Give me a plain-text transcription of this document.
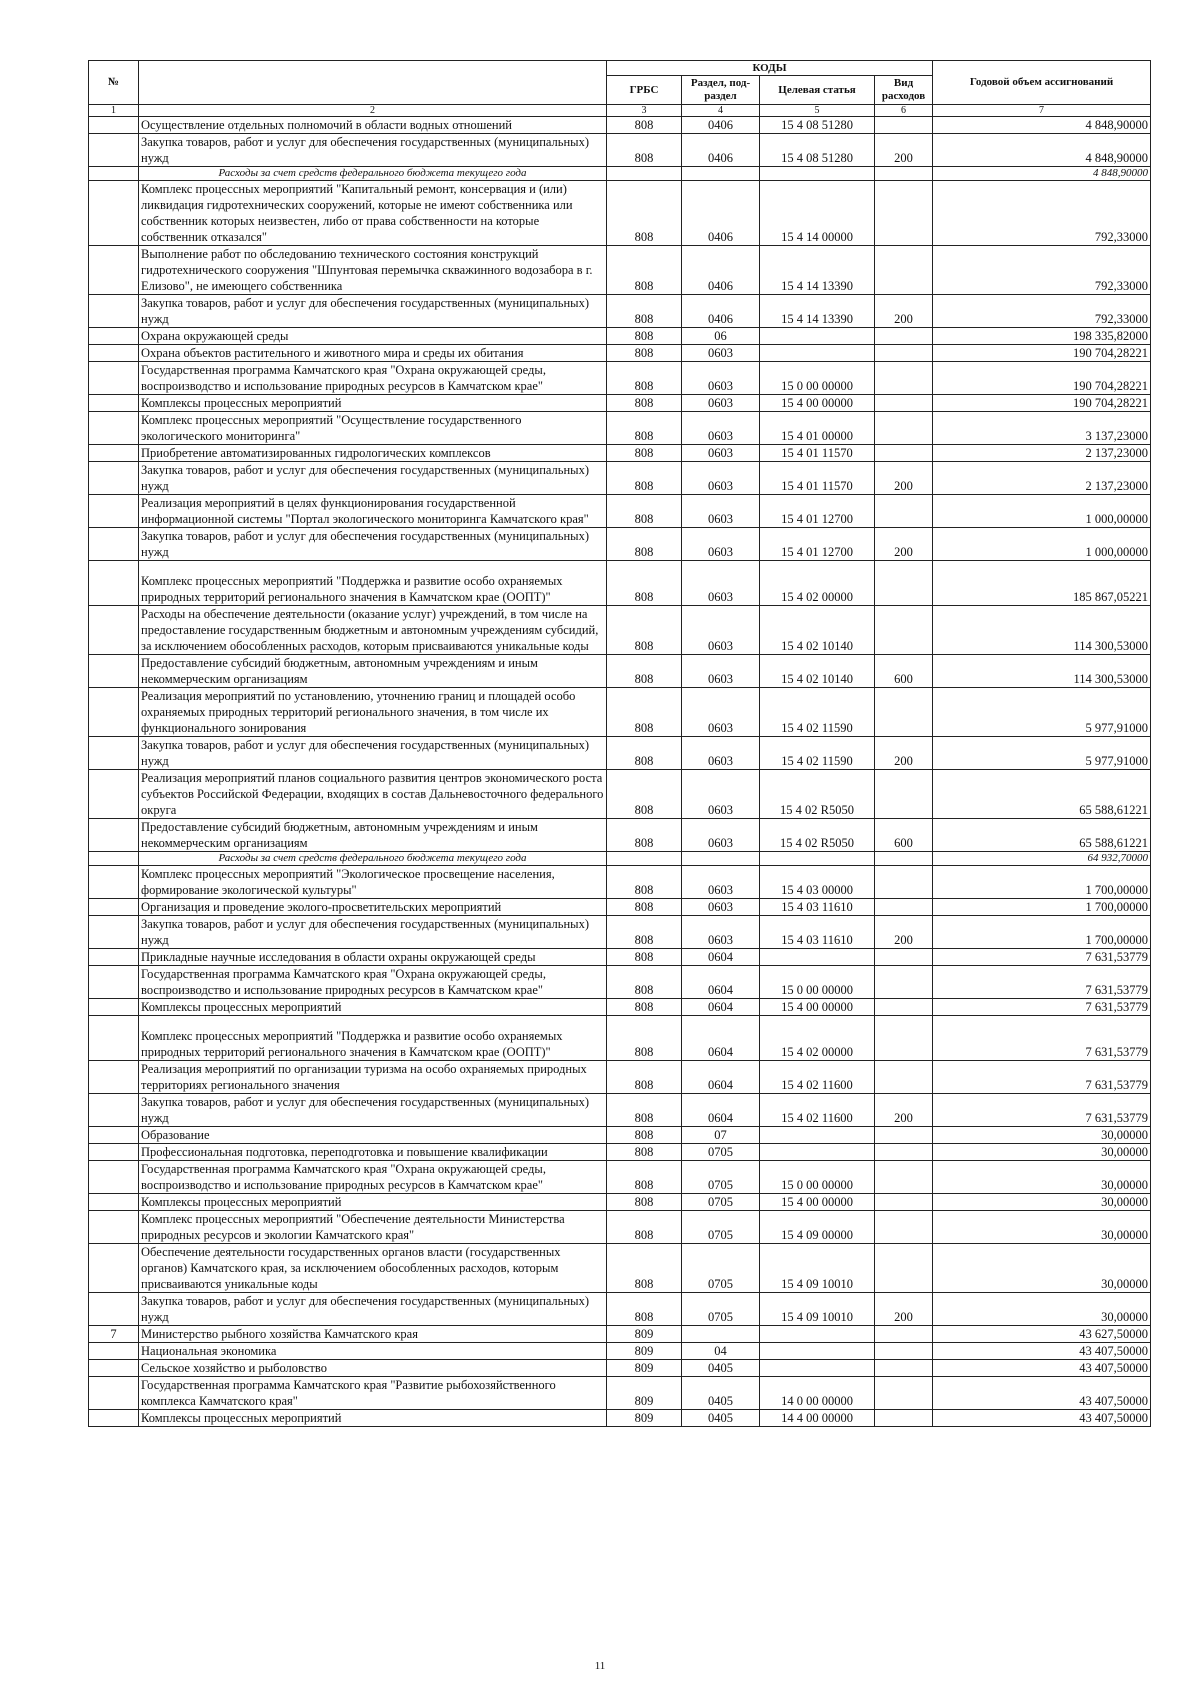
№		КОДЫ				Годовой объем ассигнований
		ГРБС	Раздел, под-раздел	Целевая статья	Вид расходов	
1	2	3	4	5	6	7
	Осуществление отдельных полномочий в области водных отношений	808	0406	15 4 08 51280		4 848,90000
	Закупка товаров, работ и услуг для обеспечения государственных (муниципальных) нужд	808	0406	15 4 08 51280	200	4 848,90000
	Расходы за счет средств федерального бюджета текущего года					4 848,90000
	Комплекс процессных мероприятий "Капитальный ремонт, консервация и (или) ликвидация гидротехнических сооружений, которые не имеют собственника или собственник которых неизвестен, либо от права собственности на которые собственник отказался"	808	0406	15 4 14 00000		792,33000
	Выполнение работ по обследованию технического состояния конструкций гидротехнического сооружения "Шпунтовая перемычка скважинного водозабора в г. Елизово", не имеющего собственника	808	0406	15 4 14 13390		792,33000
	Закупка товаров, работ и услуг для обеспечения государственных (муниципальных) нужд	808	0406	15 4 14 13390	200	792,33000
	Охрана окружающей среды	808	06			198 335,82000
	Охрана объектов растительного и животного мира и среды их обитания	808	0603			190 704,28221
	Государственная программа Камчатского края "Охрана окружающей среды, воспроизводство и использование природных ресурсов в Камчатском крае"	808	0603	15 0 00 00000		190 704,28221
	Комплексы процессных мероприятий	808	0603	15 4 00 00000		190 704,28221
	Комплекс процессных мероприятий "Осуществление государственного экологического мониторинга"	808	0603	15 4 01 00000		3 137,23000
	Приобретение автоматизированных гидрологических комплексов	808	0603	15 4 01 11570		2 137,23000
	Закупка товаров, работ и услуг для обеспечения государственных (муниципальных) нужд	808	0603	15 4 01 11570	200	2 137,23000
	Реализация мероприятий в целях функционирования государственной информационной системы "Портал экологического мониторинга Камчатского края"	808	0603	15 4 01 12700		1 000,00000
	Закупка товаров, работ и услуг для обеспечения государственных (муниципальных) нужд	808	0603	15 4 01 12700	200	1 000,00000
	Комплекс процессных мероприятий "Поддержка и развитие особо охраняемых природных территорий регионального значения в Камчатском крае (ООПТ)"	808	0603	15 4 02 00000		185 867,05221
	Расходы на обеспечение деятельности (оказание услуг) учреждений, в том числе на предоставление государственным бюджетным и автономным учреждениям субсидий, за исключением обособленных расходов, которым присваиваются уникальные коды	808	0603	15 4 02 10140		114 300,53000
	Предоставление субсидий бюджетным, автономным учреждениям и иным некоммерческим организациям	808	0603	15 4 02 10140	600	114 300,53000
	Реализация мероприятий по установлению, уточнению границ и площадей особо охраняемых природных территорий регионального значения, в том числе их функционального зонирования	808	0603	15 4 02 11590		5 977,91000
	Закупка товаров, работ и услуг для обеспечения государственных (муниципальных) нужд	808	0603	15 4 02 11590	200	5 977,91000
	Реализация мероприятий планов социального развития центров экономического роста субъектов Российской Федерации, входящих в состав Дальневосточного федерального округа	808	0603	15 4 02 R5050		65 588,61221
	Предоставление субсидий бюджетным, автономным учреждениям и иным некоммерческим организациям	808	0603	15 4 02 R5050	600	65 588,61221
	Расходы за счет средств федерального бюджета текущего года					64 932,70000
	Комплекс процессных мероприятий "Экологическое просвещение населения, формирование экологической культуры"	808	0603	15 4 03 00000		1 700,00000
	Организация и проведение эколого-просветительских мероприятий	808	0603	15 4 03 11610		1 700,00000
	Закупка товаров, работ и услуг для обеспечения государственных (муниципальных) нужд	808	0603	15 4 03 11610	200	1 700,00000
	Прикладные научные исследования в области охраны окружающей среды	808	0604			7 631,53779
	Государственная программа Камчатского края "Охрана окружающей среды, воспроизводство и использование природных ресурсов в Камчатском крае"	808	0604	15 0 00 00000		7 631,53779
	Комплексы процессных мероприятий	808	0604	15 4 00 00000		7 631,53779
	Комплекс процессных мероприятий "Поддержка и развитие особо охраняемых природных территорий регионального значения в Камчатском крае (ООПТ)"	808	0604	15 4 02 00000		7 631,53779
	Реализация мероприятий по организации туризма на особо охраняемых природных территориях регионального значения	808	0604	15 4 02 11600		7 631,53779
	Закупка товаров, работ и услуг для обеспечения государственных (муниципальных) нужд	808	0604	15 4 02 11600	200	7 631,53779
	Образование	808	07			30,00000
	Профессиональная подготовка, переподготовка и повышение квалификации	808	0705			30,00000
	Государственная программа Камчатского края "Охрана окружающей среды, воспроизводство и использование природных ресурсов в Камчатском крае"	808	0705	15 0 00 00000		30,00000
	Комплексы процессных мероприятий	808	0705	15 4 00 00000		30,00000
	Комплекс процессных мероприятий "Обеспечение деятельности Министерства природных ресурсов и экологии Камчатского края"	808	0705	15 4 09 00000		30,00000
	Обеспечение деятельности государственных органов власти (государственных органов) Камчатского края, за исключением обособленных расходов, которым присваиваются уникальные коды	808	0705	15 4 09 10010		30,00000
	Закупка товаров, работ и услуг для обеспечения государственных (муниципальных) нужд	808	0705	15 4 09 10010	200	30,00000
7	Министерство рыбного хозяйства Камчатского края	809				43 627,50000
	Национальная экономика	809	04			43 407,50000
	Сельское хозяйство и рыболовство	809	0405			43 407,50000
	Государственная программа Камчатского края "Развитие рыбохозяйственного комплекса Камчатского края"	809	0405	14 0 00 00000		43 407,50000
	Комплексы процессных мероприятий	809	0405	14 4 00 00000		43 407,50000
11
